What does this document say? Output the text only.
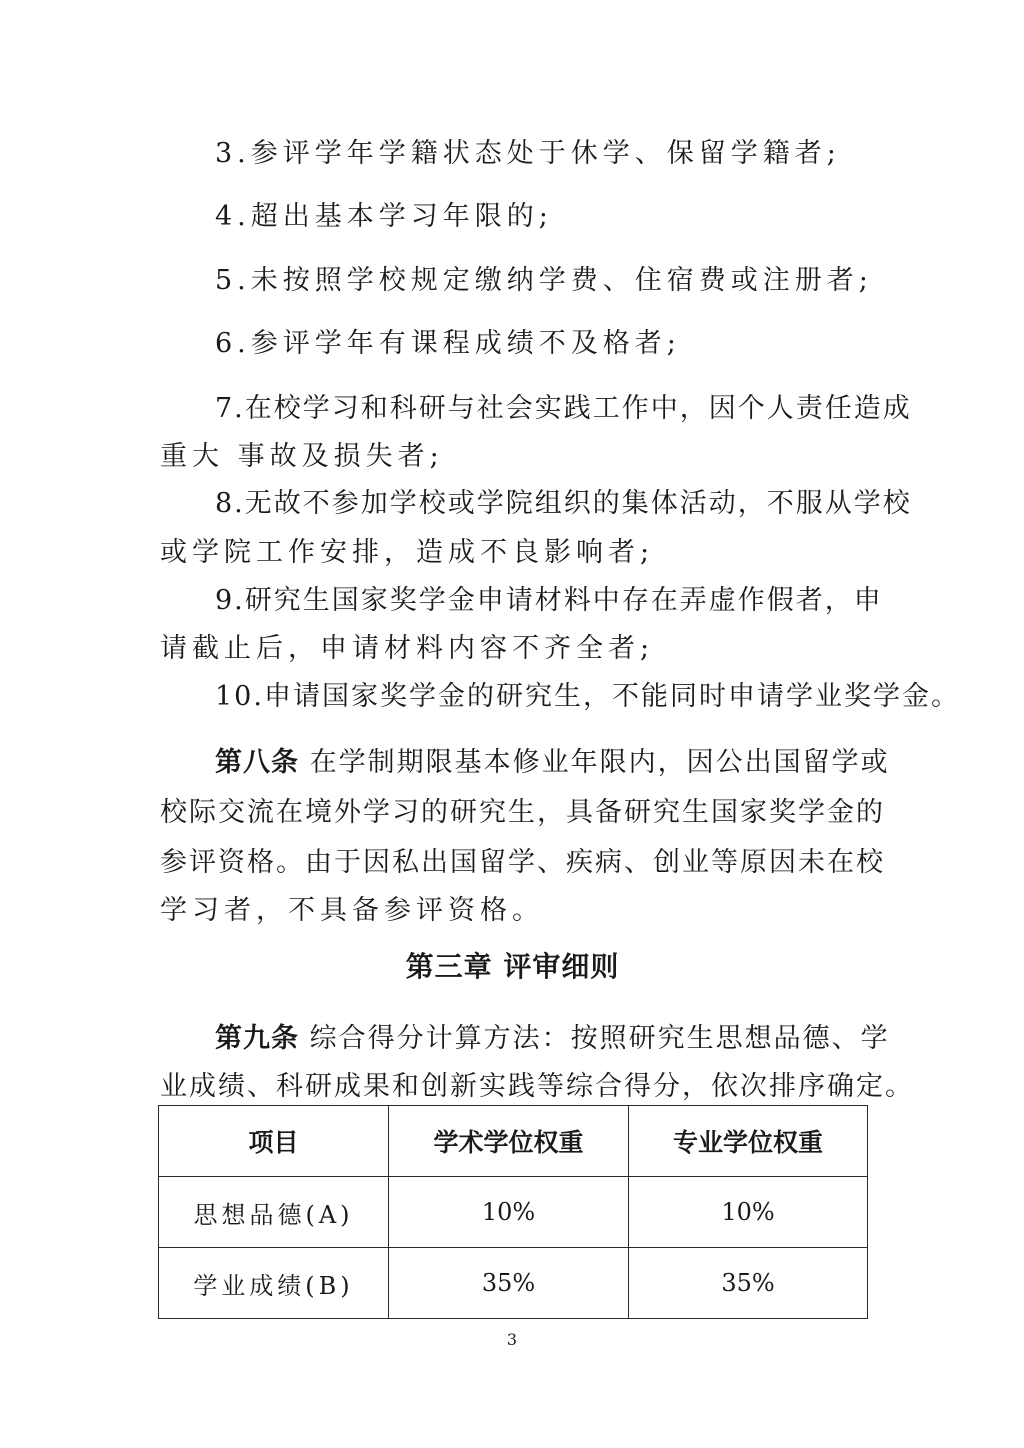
3.参评学年学籍状态处于休学、保留学籍者;
4.超出基本学习年限的;
5.未按照学校规定缴纳学费、住宿费或注册者;
6.参评学年有课程成绩不及格者;
7.在校学习和科研与社会实践工作中，因个人责任造成
重大 事故及损失者;
8.无故不参加学校或学院组织的集体活动，不服从学校
或学院工作安排，造成不良影响者;
9.研究生国家奖学金申请材料中存在弄虚作假者，申
请截止后，申请材料内容不齐全者;
10.申请国家奖学金的研究生，不能同时申请学业奖学金。
第八条 在学制期限基本修业年限内，因公出国留学或
校际交流在境外学习的研究生，具备研究生国家奖学金的
参评资格。由于因私出国留学、疾病、创业等原因未在校
学习者，不具备参评资格。
第三章 评审细则
第九条 综合得分计算方法：按照研究生思想品德、学
业成绩、科研成果和创新实践等综合得分，依次排序确定。
项目	学术学位权重	专业学位权重
思想品德(A)	10%	10%
学业成绩(B)	35%	35%
3
